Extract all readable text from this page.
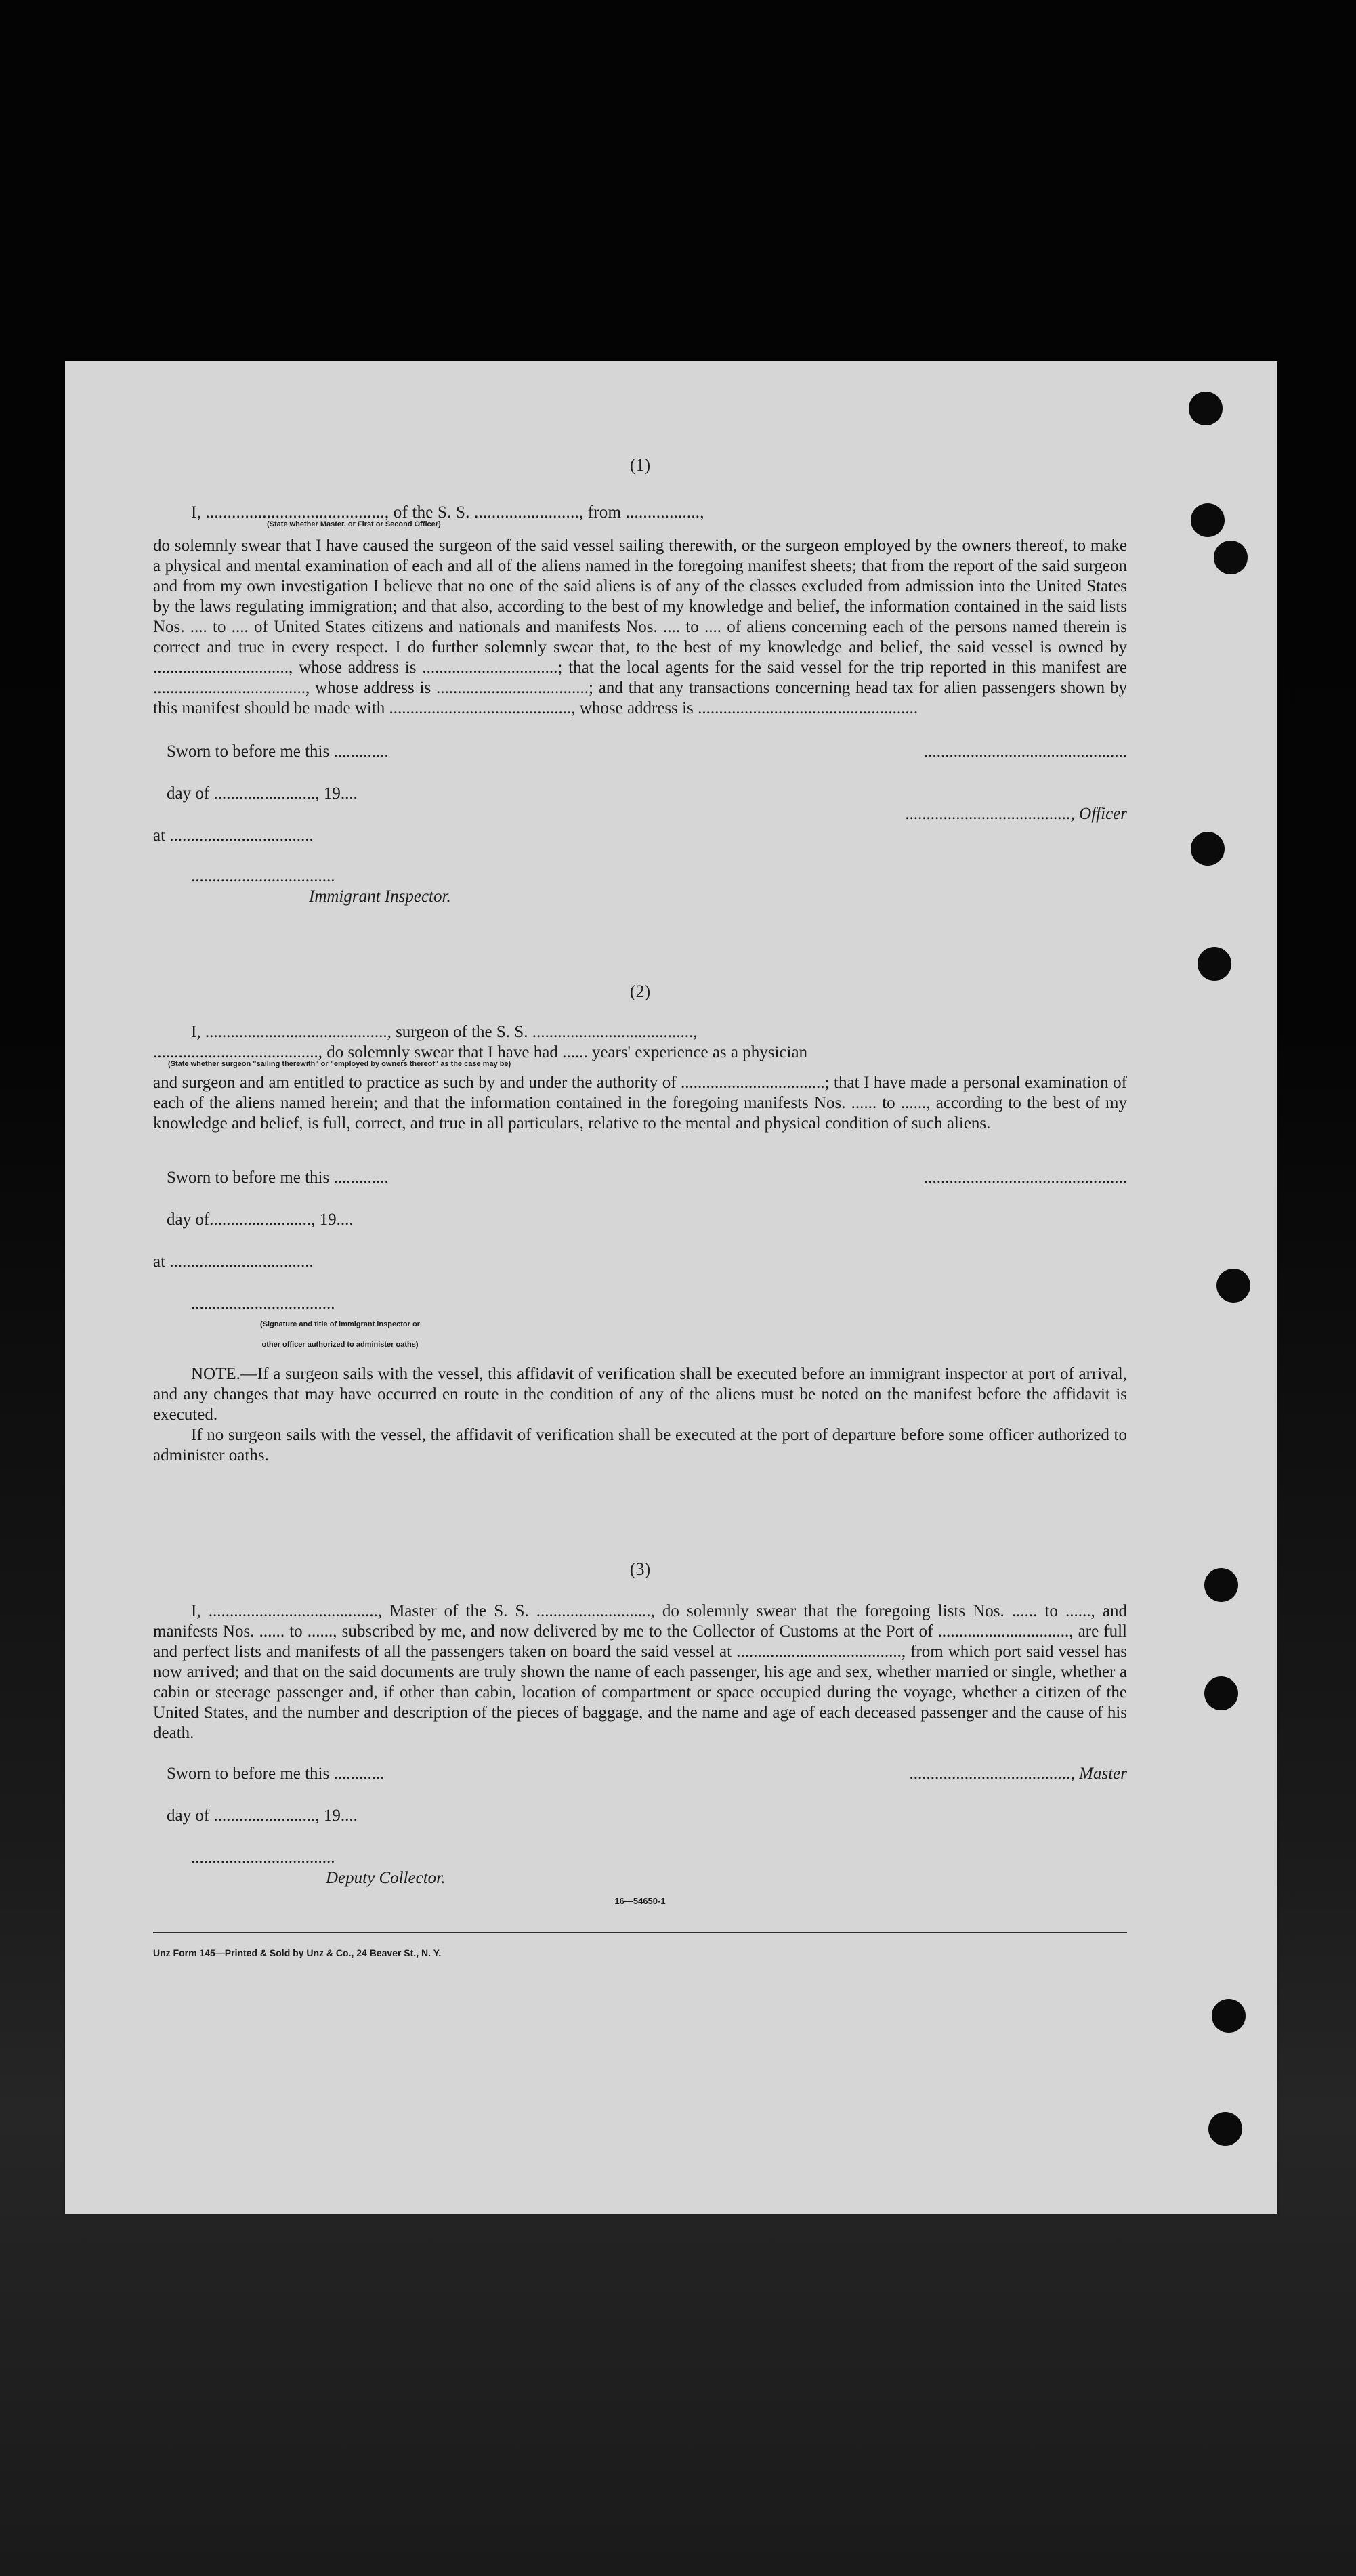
(1)
I, ........................................., of the S. S. ........................, from .................,
(State whether Master, or First or Second Officer)

do solemnly swear that I have caused the surgeon of the said vessel sailing therewith, or the surgeon employed by the owners thereof, to make a physical and mental examination of each and all of the aliens named in the foregoing manifest sheets; that from the report of the said surgeon and from my own investigation I believe that no one of the said aliens is of any of the classes excluded from admission into the United States by the laws regulating immigration; and that also, according to the best of my knowledge and belief, the information contained in the said lists Nos. .... to .... of United States citizens and nationals and manifests Nos. .... to .... of aliens concerning each of the persons named therein is correct and true in every respect. I do further solemnly swear that, to the best of my knowledge and belief, the said vessel is owned by ................................, whose address is ................................; that the local agents for the said vessel for the trip reported in this manifest are ...................................., whose address is ....................................; and that any transactions concerning head tax for alien passengers shown by this manifest should be made with ..........................................., whose address is ....................................................

Sworn to before me this .............	................................................
day of ........................, 19....
......................................., Officer
at ..................................
..................................
Immigrant Inspector.
(2)
I, ..........................................., surgeon of the S. S. ......................................,
......................................., do solemnly swear that I have had ...... years' experience as a physician
(State whether surgeon "sailing therewith" or "employed by owners thereof" as the case may be)

and surgeon and am entitled to practice as such by and under the authority of ..................................; that I have made a personal examination of each of the aliens named herein; and that the information contained in the foregoing manifests Nos. ...... to ......, according to the best of my knowledge and belief, is full, correct, and true in all particulars, relative to the mental and physical condition of such aliens.

Sworn to before me this .............	................................................
day of........................, 19....
at ..................................
..................................
(Signature and title of immigrant inspector or
other officer authorized to administer oaths)

NOTE.—If a surgeon sails with the vessel, this affidavit of verification shall be executed before an immigrant inspector at port of arrival, and any changes that may have occurred en route in the condition of any of the aliens must be noted on the manifest before the affidavit is executed.

If no surgeon sails with the vessel, the affidavit of verification shall be executed at the port of departure before some officer authorized to administer oaths.

(3)

I, ........................................, Master of the S. S. ..........................., do solemnly swear that the foregoing lists Nos. ...... to ......, and manifests Nos. ...... to ......, subscribed by me, and now delivered by me to the Collector of Customs at the Port of ..............................., are full and perfect lists and manifests of all the passengers taken on board the said vessel at ......................................., from which port said vessel has now arrived; and that on the said documents are truly shown the name of each passenger, his age and sex, whether married or single, whether a cabin or steerage passenger and, if other than cabin, location of compartment or space occupied during the voyage, whether a citizen of the United States, and the number and description of the pieces of baggage, and the name and age of each deceased passenger and the cause of his death.

Sworn to before me this ............	......................................, Master
day of ........................, 19....
..................................
Deputy Collector.
16—54650-1
Unz Form 145—Printed & Sold by Unz & Co., 24 Beaver St., N. Y.
